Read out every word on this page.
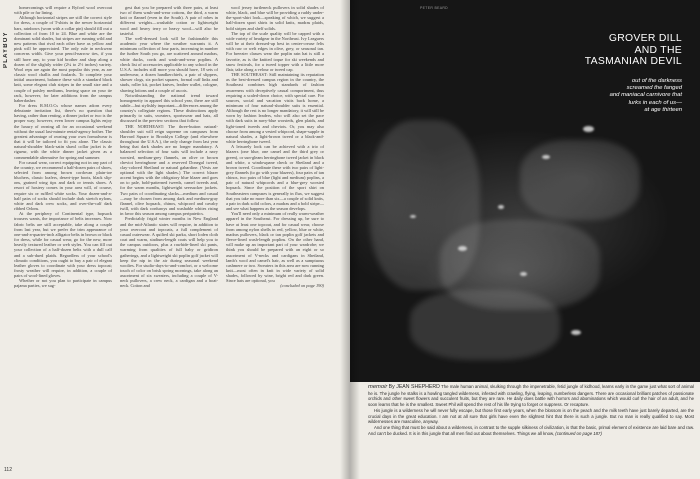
PLAYBOY

homecomings will require a Byford wool overcoat with pile or fur lining.

Although horizontal stripes are still the correct style for dress, a couple of T-shirts in the newer horizontal bars, rainbows (worn with a collar pin) should fill out a collection of from 10 to 24. Blue and white are the dominant solid shades, but stripes are running wild and new patterns that rival each other have as yellow and pink will be appreciated. The only rule in neckwear concerns width. Give your pencil-narrow ties, if you still have any, to your kid brother and shop along a dozen of the slightly wider (2¼ to 2½ inches) variety. Wool reps are again the most popular this year, as are classic wool challis and foulards. To complete your initial assortment, balance these with a standard black knit, some elegant club stripes in the small size and a couple of paisley mediums, leaving space on your tie rack, however, for later additions from the campus haberdasher.

For dress R.M.O.Cs whose names adorn every debutante invitation list, there's no question that having, rather than renting, a dinner jacket or two is the proper way; however, even lower campus lights enjoy the luxury of owning all for an occasional weekend without the usual last-minute rental-agency bother. The greatest advantage of owning your own formalwear is that it will be tailored to fit you alone. The classic natural-shoulder black-satin shawl collar jacket is de rigueur, with the white dinner jacket given as a commendable alternative for spring and summer.

For casual wear, correct equipping not in any part of the country, we recommend a half-dozen pairs of shoes, selected from among brown cordovan plain-toe bluchers, classic loafers, desert-type boots, black slip-ons, grained wing tips and dark or tennis shoes. A resort of hosiery comes in your area will, of course, require six or ruffled white socks. Your dozen-and-a-half pairs of socks should include dark stretch nylons, white and dark crew socks, and over-the-calf dark ribbed Orlons.

At the periphery of Continental type, hopsack trousers wants, the importance of belts increases. Now fabric belts are still acceptable, take along a couple from last year, but we prefer the trim appearance of one-and-a-quarter-inch alligator belts in brown or black for dress, while for casual wear, go for the new, more heavily textured leather or web styles. You can fill out your collection of a half-dozen belts with a dull calf and a sub-dued plaids. Regardless of your school's climatic conditions, you ought to buy a pair of elegant leather gloves to coordinate with your dress topcoat; frosty weather will require, in addition, a couple of pairs of wool-lined gloves.

Whether or not you plan to participate in campus pajama parties, we sug-

gest that you be prepared with three pairs, at least two of them wash-and-wear cottons, the third, a warm knit or flannel (even in the South). A pair of robes in different weights—washable cotton or lightweight wool and heavy terry or heavy wool—will also be tasteful.

The well-dressed look will be fashionable this academic year where the weather warrants it. A minimum collection of four parts, increasing in number the further South you go, are scattered around madras, white ducks, cords and wash-and-wear poplins. A check list of accessories applicable to any school in the U.S.A. includes still more you should have, 18 sets of underwear, a dozen handkerchiefs, a pair of slippers, shower clogs, six pocket squares, formal cuff links and studs, roller kit, pocket knives, leather wallet, cologne, shaving lotions and a couple of ascots.

Notwithstanding the national trend toward homogeneity in apparel this school year, there are still subtle—but stylishly important—differences among the country's collegiate regions. These distinctions apply primarily to suits, sweaters, sportswear and hats, all discussed in the preview sections that follow.

THE NORTHEAST: The three-button natural-shoulder suit will reign supreme on campuses from Harvard Square to Brooklyn College (and elsewhere throughout the U.S.A.), the only change from last year being that dark shades are no longer mandatory. A balanced selection of four suits will include a navy worsted, medium-grey flannels, an olive or brown cheviot herringbone and a reserved Donegal tweed, clay-colored Shetland or natural gabardine. (Vests are optional with the light shades.) The correct blazer accent begins with the obligatory blue blazer and goes on to pale, bold-patterned tweeds, camel tweeds and, for the warm months, lightweight seersucker jackets. Two pairs of coordinating slacks—medium and casual—may be chosen from among dark and medium-gray flannel, olive hopsack, chinos, whipcord and cavalry twill, with dark corduroys and washable whites rising in favor this season among campus peripatetics.

Predictably frigid winter months in New England and the mid-Atlantic states will require, in addition to your overcoat and topcoats, a full complement of casual outerwear. A quilted ski parka, short loden cloth coat and warm, stadium-length coats will help you to the campus outdoors, plus a rawhide-lined ski pants, warming from qualities of full baby or gridiron gatherings, and a lightweight ski poplin golf jacket will keep the nip in the air during seasonal weekend woolies. For studio-days-to-and-comfort, or a welcome touch of color on brisk spring mornings, take along an assortment of six sweaters, including a couple of V-neck pullovers, a crew neck, a cardigan and a boat-neck. Cotton and

wool jersey turtleneck pullovers in solid shades of white, black, and blue will be providing a ruddy under-the-sport-shirt look—speaking of which, we suggest a half-dozen sport shirts in solid knits, madras plaids, bold stripes and shelf solids.

The top of the scale quality will be capped with a wide variety of headgear in the Northeast. Ivy Leaguers will be at their dressed-up best in center-crease felts with raw or welt edges in olive, grey, or seasonal tan. For breezier classes wear the poplin rain hat is still a favorite, as is the knitted toque for ski weekends and snow festivals, for a tweed topper with a little more flair, take along a velour or tweed cap.

THE SOUTHEAST: Still maintaining its reputation as the best-dressed campus region in the country, the Southeast combines high standards of fashion awareness with deceptively casual comportment, thus requiring a scaled-down choice, with special care. For sources, social and vacation visits back home, a minimum of four natural-shoulder suits is essential. Although the rest is no longer mandatory, it will still be worn by fashion leaders, who will also set the pace with dark suits in navy-blue worsteds, glen plaids, and light-toned tweeds and cheviots. Or, you may also choose from among a vested whipcord, shape-supple in natural shades, a light-brown tweed or a black-and-white herringbone tweed.

A leisurely look can be achieved with a trio of blazers (one blue, one camel and the third grey or green), or sun-gleam herringbone tweed jacket in black and white, a windowpane check or Shetland and a brown tweed. Coordinate these with two pairs of light-grey flannels (to go with your blazers), four pairs of tan chinos, two pairs of blue (light and medium) poplins, a pair of natural whipcords and a blue-grey worsted hopsack. Since the position of the sport shirt on Southeastern campuses is generally in flux, we suggest that you take no more than six—a couple of solid knits, a pair in dark solid colors, a madras and a bold stripe—and see what happens as the season develops.

You'll need only a minimum of really warm-weather apparel in the Southeast. For dressing up, be sure to have at least one topcoat, and for casual wear, choose from among nylon shells in red, yellow, blue or white, madras pullovers, black or tan poplin golf jackets and fleece-lined wash-length poplins. On the other hand, will make up an important part of your wardrobe; we think you should be prepared with an eight or so assortment of V-necks and cardigans in Shetland, lamb's wool and camel's hair, as well as a sumptuous cashmere or two. Sweaters in this area are now running knit—most often in knit in wide variety of solid shades, followed by wine, bright red and dark green. Since hats are optional, you

(concluded on page 190)

112
PETER BEARD
GROVER DILL
AND THE
TASMANIAN DEVIL
out of the darkness
screamed the fanged
and maniacal carnivore that
lurks in each of us—
at age thirteen

memoir By JEAN SHEPHERD The male human animal, skulking through the impenetrable, fetid jungle of kidhood, learns early in the game just what sort of animal he is. The jungle he stalks is a howling tangled wilderness, infested with crawling, flying, leaping, numberless dangers. There are occasional brilliant patches of passionate orchids and other sweet flowers and succulent fruits, but they are rare. He daily does battle with horrors and abominations which would curl the hair of an adult, and he soon learns that he is the smallest. Sweet Phil will spend the rest of his life trying to forget or suppress. Or recapture.

His jungle is a wilderness he will never fully escape, but those first early years, when the blossom is on the peach and the milk teeth have just barely departed, are the crucial days in the great education. I am not at all sure that girls have even the slightest hint that there is such a jungle. But no man is really qualified to say. Most wildernesses are masculine, anyway.

And one thing that must be said about a wilderness, in contrast to the supple silkiness of civilization, is that the basic, primal element of existence are laid bare and raw. And can't be ducked. It is in this jungle that all men find out about themselves. Things we all know, (continued on page 187)
